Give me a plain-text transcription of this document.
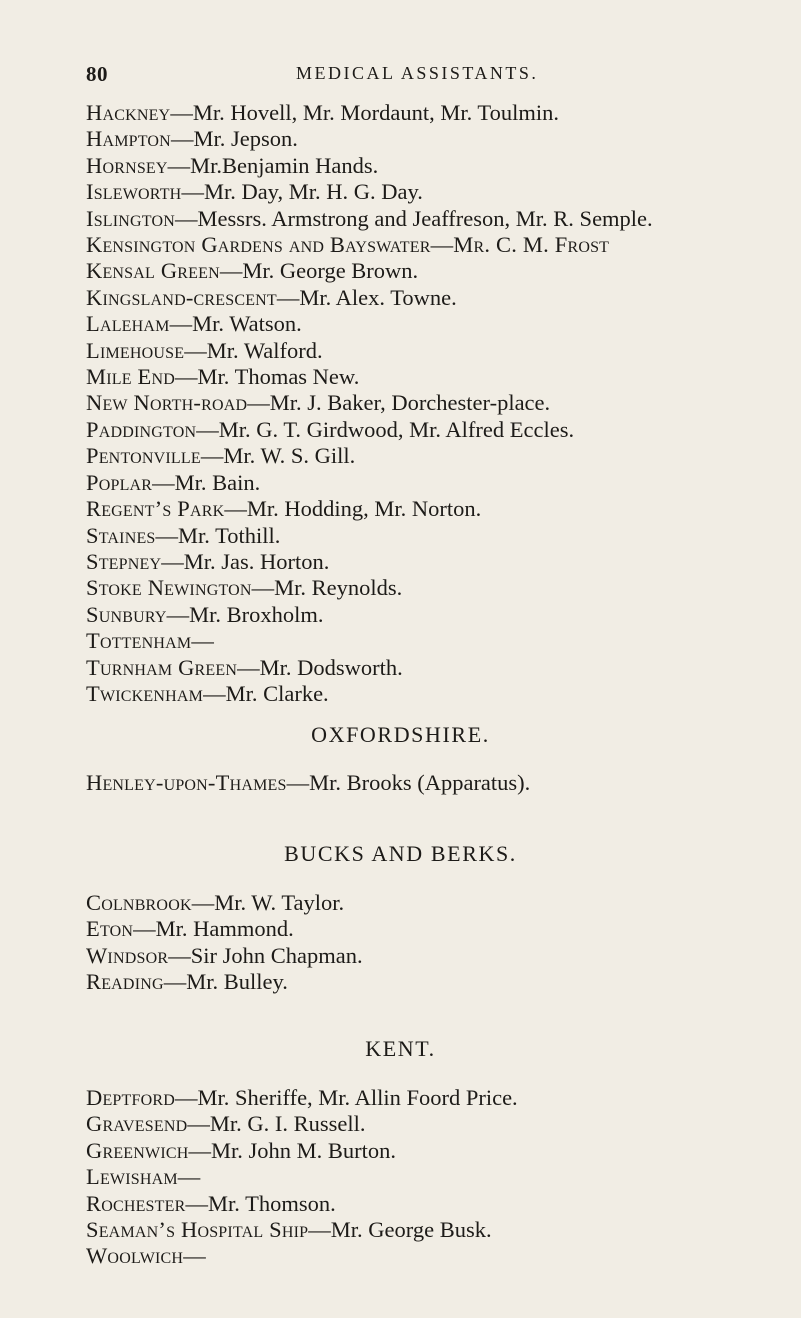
80	MEDICAL ASSISTANTS.
Hackney—Mr. Hovell, Mr. Mordaunt, Mr. Toulmin.
Hampton—Mr. Jepson.
Hornsey—Mr.Benjamin Hands.
Isleworth—Mr. Day, Mr. H. G. Day.
Islington—Messrs. Armstrong and Jeaffreson, Mr. R. Semple.
Kensington Gardens and Bayswater—Mr. C. M. Frost
Kensal Green—Mr. George Brown.
Kingsland-crescent—Mr. Alex. Towne.
Laleham—Mr. Watson.
Limehouse—Mr. Walford.
Mile End—Mr. Thomas New.
New North-road—Mr. J. Baker, Dorchester-place.
Paddington—Mr. G. T. Girdwood, Mr. Alfred Eccles.
Pentonville—Mr. W. S. Gill.
Poplar—Mr. Bain.
Regent’s Park—Mr. Hodding, Mr. Norton.
Staines—Mr. Tothill.
Stepney—Mr. Jas. Horton.
Stoke Newington—Mr. Reynolds.
Sunbury—Mr. Broxholm.
Tottenham—
Turnham Green—Mr. Dodsworth.
Twickenham—Mr. Clarke.
OXFORDSHIRE.
Henley-upon-Thames—Mr. Brooks (Apparatus).
BUCKS AND BERKS.
Colnbrook—Mr. W. Taylor.
Eton—Mr. Hammond.
Windsor—Sir John Chapman.
Reading—Mr. Bulley.
KENT.
Deptford—Mr. Sheriffe, Mr. Allin Foord Price.
Gravesend—Mr. G. I. Russell.
Greenwich—Mr. John M. Burton.
Lewisham—
Rochester—Mr. Thomson.
Seaman’s Hospital Ship—Mr. George Busk.
Woolwich—
